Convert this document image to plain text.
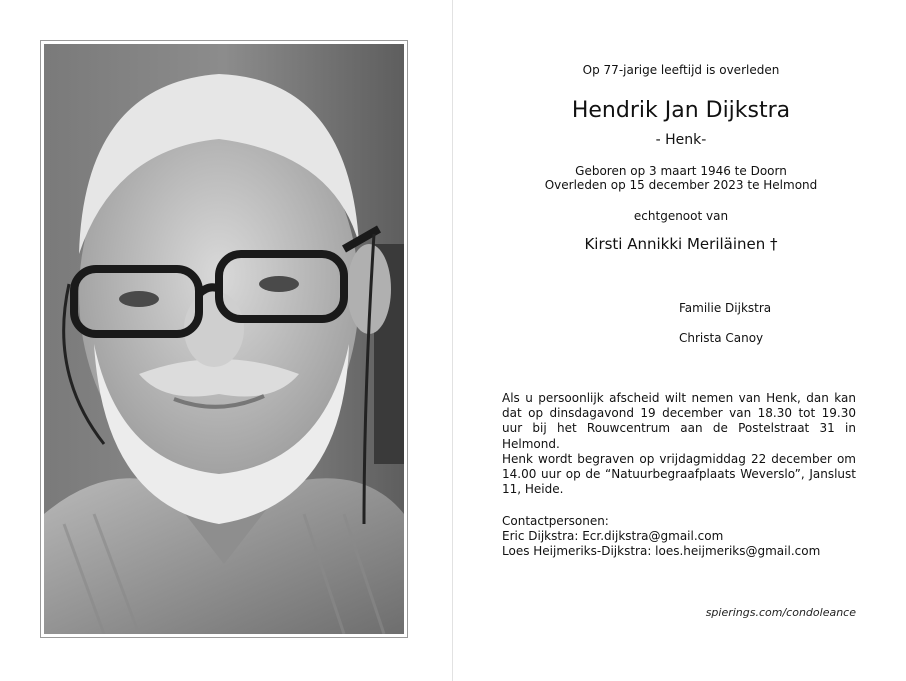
Op 77-jarige leeftijd is overleden
Hendrik Jan Dijkstra
- Henk-
Geboren op 3 maart 1946 te Doorn
Overleden op 15 december 2023 te Helmond
echtgenoot van
Kirsti Annikki Meriläinen †
Familie Dijkstra
Christa Canoy
Als u persoonlijk afscheid wilt nemen van Henk, dan kan dat op dinsdagavond 19 december van 18.30 tot 19.30 uur bij het Rouwcentrum aan de Postelstraat 31 in Helmond.
Henk wordt begraven op vrijdagmiddag 22 december om 14.00 uur op de “Natuurbegraafplaats Weverslo”, Janslust 11, Heide.
Contactpersonen:
Eric Dijkstra: Ecr.dijkstra@gmail.com
Loes Heijmeriks-Dijkstra: loes.heijmeriks@gmail.com
spierings.com/condoleance
